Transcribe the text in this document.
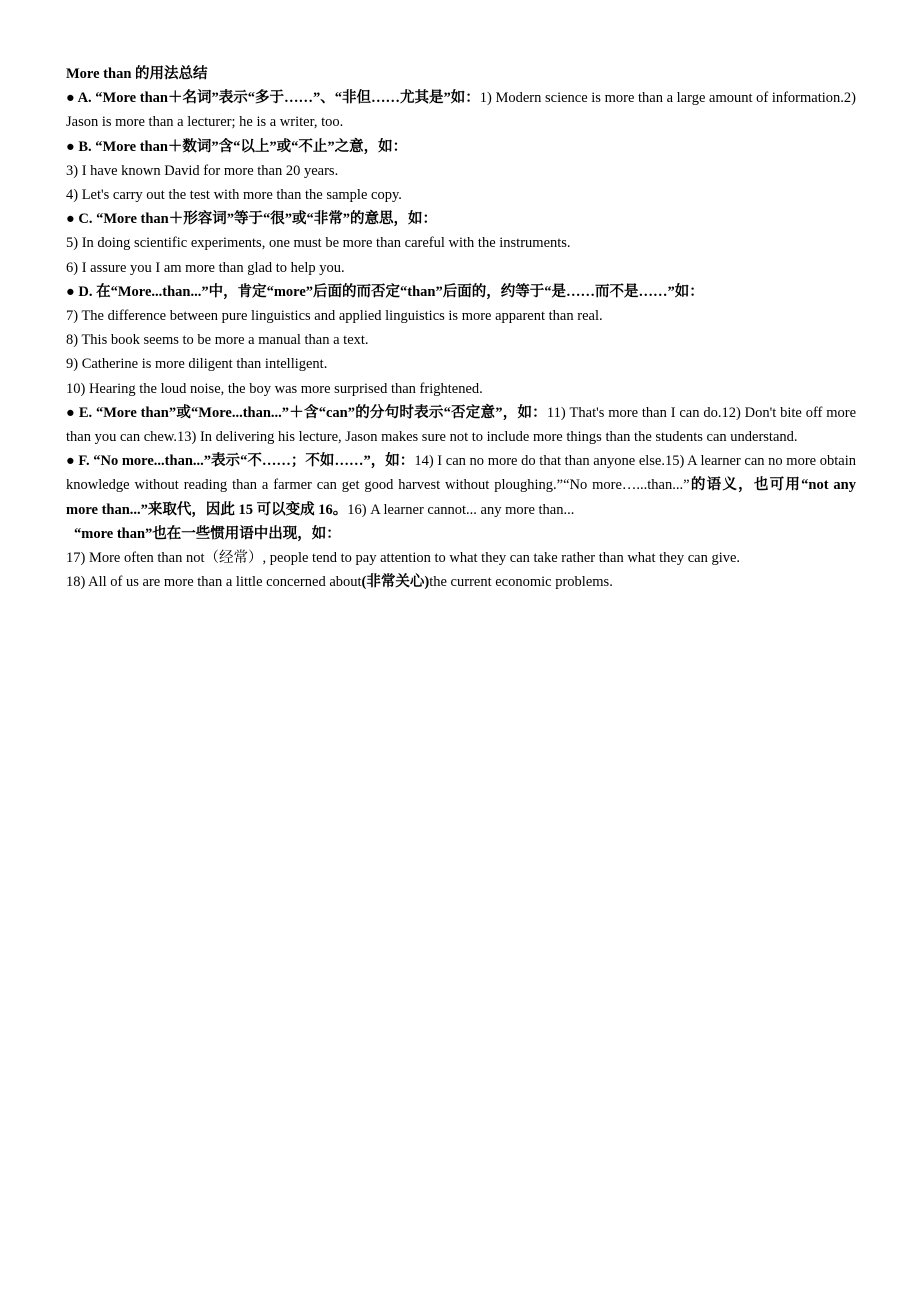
More than 的用法总结

● A. “More than＋名词”表示“多于……”、“非但……尤其是”如：1) Modern science is more than a large amount of information.2) Jason is more than a lecturer; he is a writer, too.

● B. “More than＋数词”含“以上”或“不止”之意，如：

3) I have known David for more than 20 years.

4) Let's carry out the test with more than the sample copy.

● C. “More than＋形容词”等于“很”或“非常”的意思，如：

5) In doing scientific experiments, one must be more than careful with the instruments.

6) I assure you I am more than glad to help you.

● D. 在“More...than...”中，肯定“more”后面的而否定“than”后面的，约等于“是……而不是……”如：

7) The difference between pure linguistics and applied linguistics is more apparent than real.

8) This book seems to be more a manual than a text.

9) Catherine is more diligent than intelligent.

10) Hearing the loud noise, the boy was more surprised than frightened.

● E. “More than”或“More...than...”＋含“can”的分句时表示“否定意”，如：11) That's more than I can do.12) Don't bite off more than you can chew.13) In delivering his lecture, Jason makes sure not to include more things than the students can understand.

● F. “No more...than...”表示“不……；不如……”，如：14) I can no more do that than anyone else.15) A learner can no more obtain knowledge without reading than a farmer can get good harvest without ploughing.”“No more…...than...”的语义，也可用“not any more than...”来取代，因此 15 可以变成 16。16) A learner cannot... any more than...

“more than”也在一些惯用语中出现，如：

17) More often than not（经常）, people tend to pay attention to what they can take rather than what they can give.

18) All of us are more than a little concerned about(非常关心)the current economic problems.
